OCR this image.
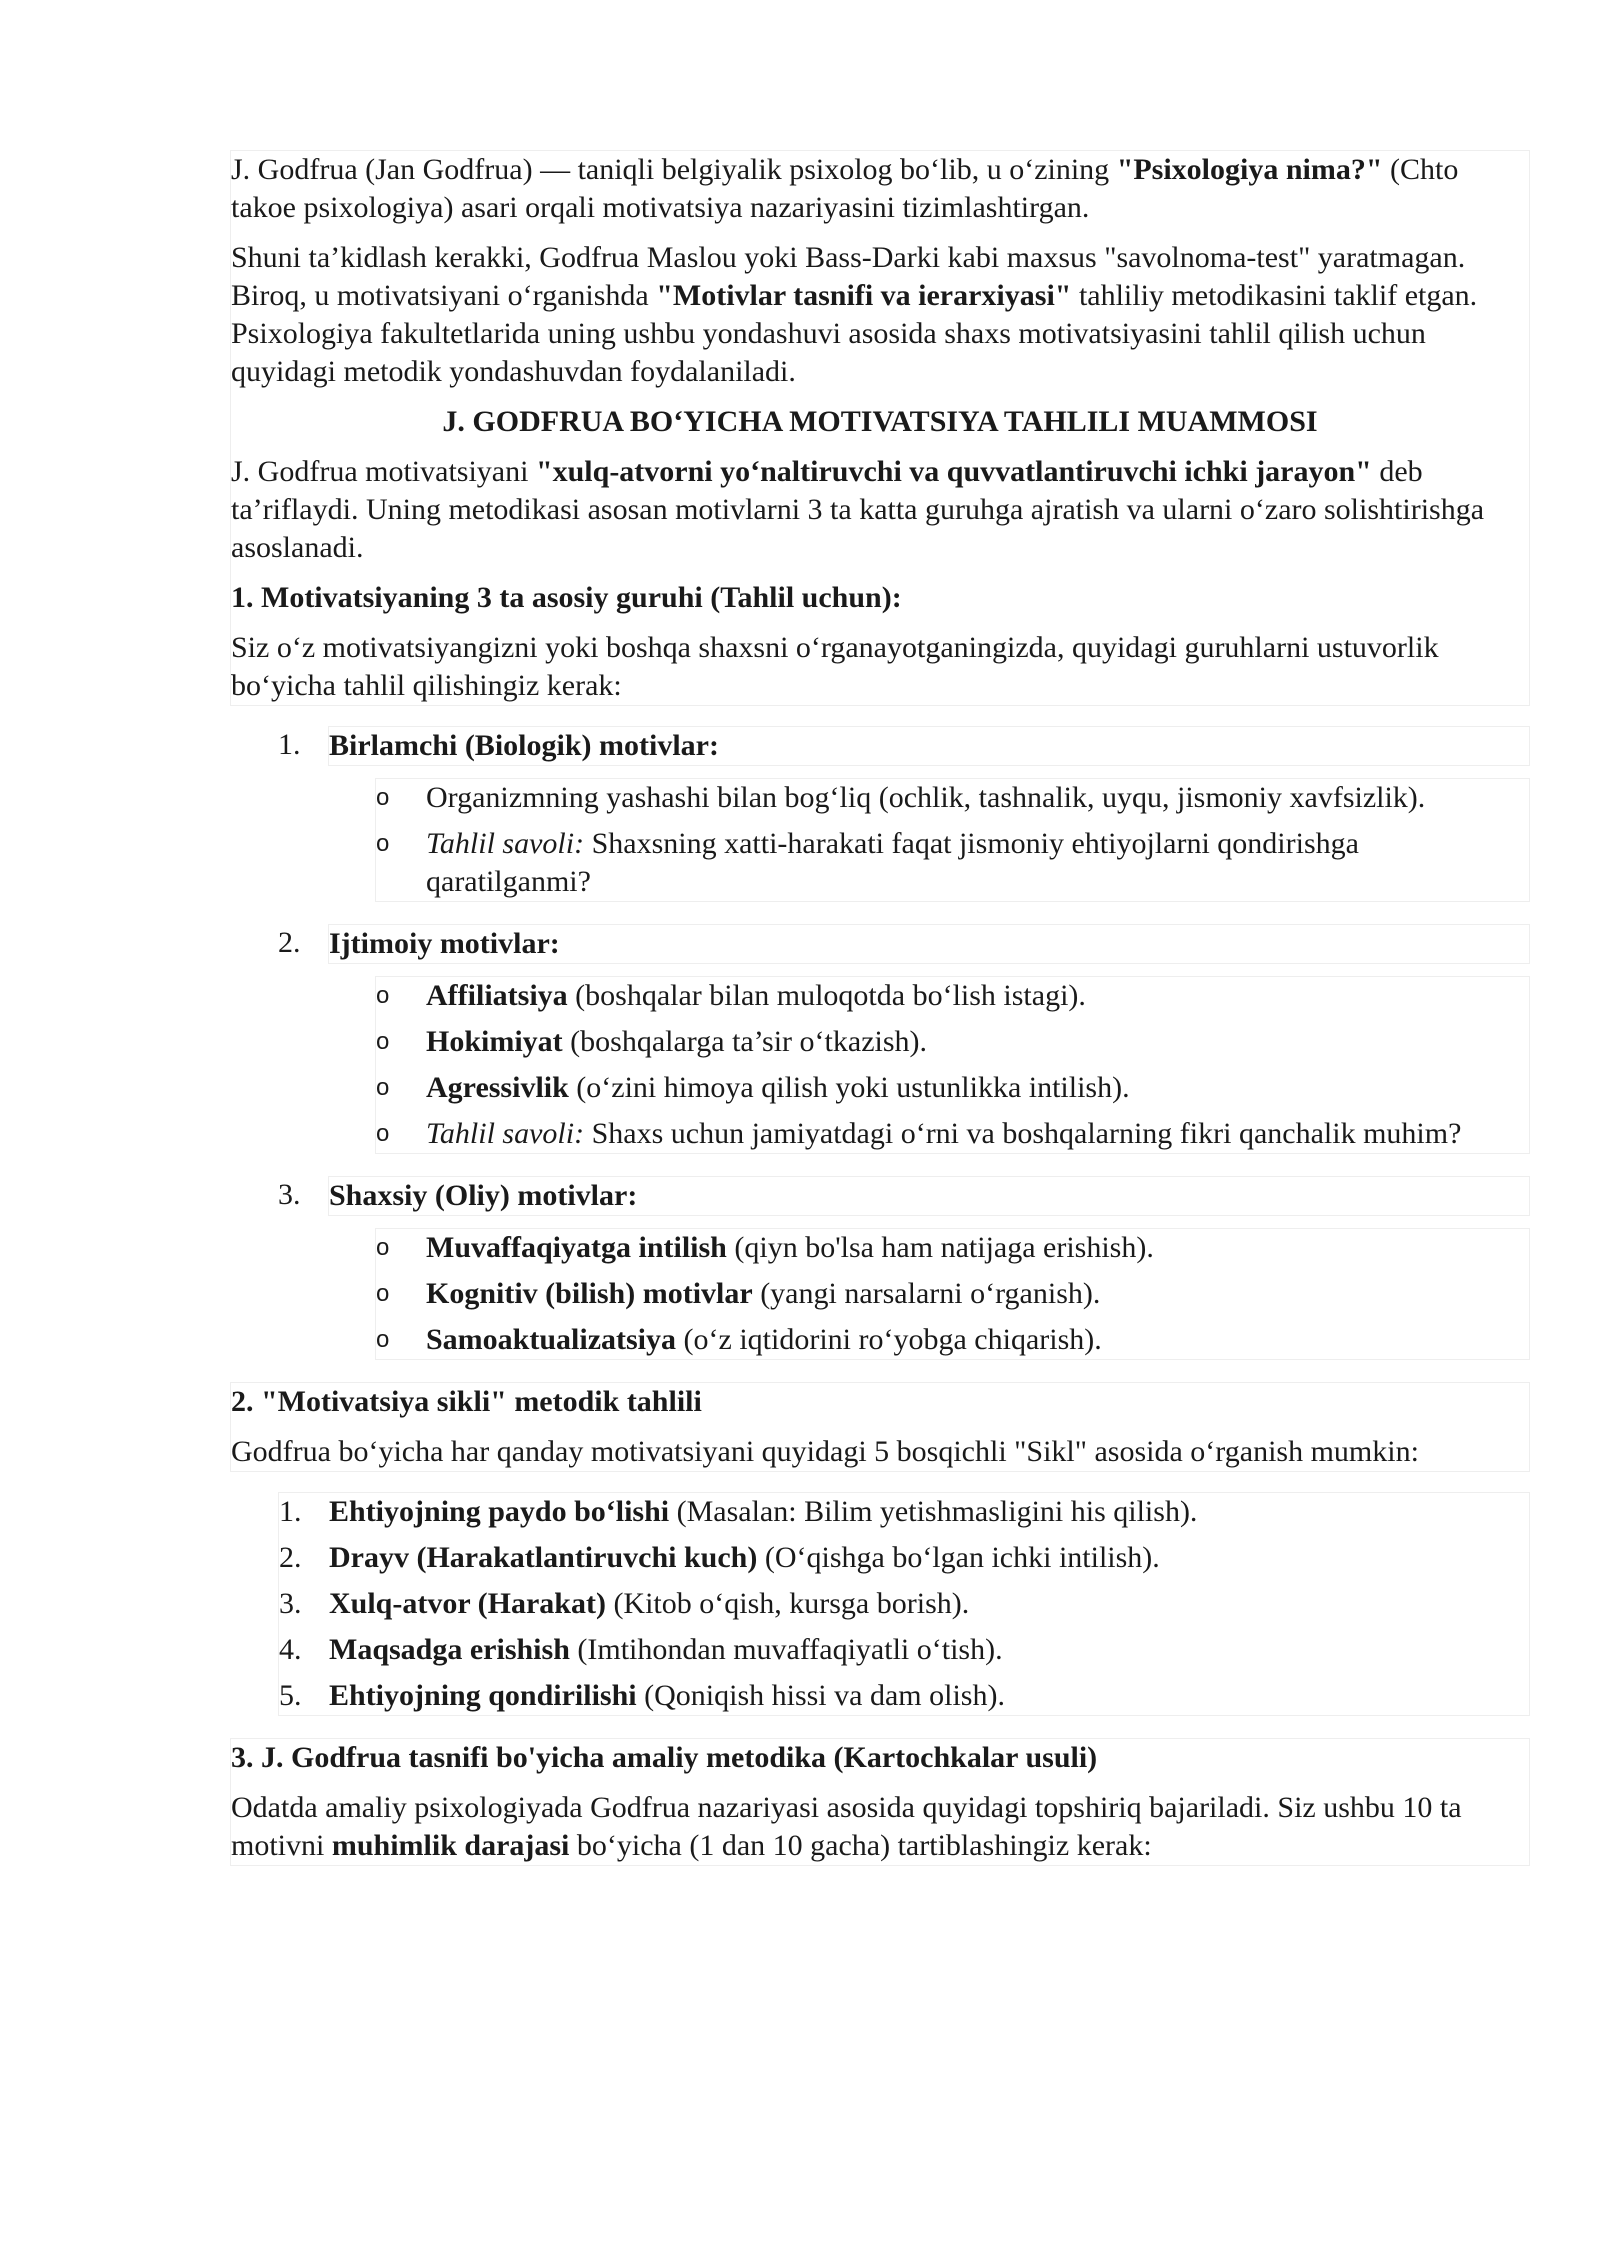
J. Godfrua (Jan Godfrua) — taniqli belgiyalik psixolog bo‘lib, u o‘zining "Psixologiya nima?" (Chto takoe psixologiya) asari orqali motivatsiya nazariyasini tizimlashtirgan.

Shuni ta’kidlash kerakki, Godfrua Maslou yoki Bass-Darki kabi maxsus "savolnoma-test" yaratmagan. Biroq, u motivatsiyani o‘rganishda "Motivlar tasnifi va ierarxiyasi" tahliliy metodikasini taklif etgan. Psixologiya fakultetlarida uning ushbu yondashuvi asosida shaxs motivatsiyasini tahlil qilish uchun quyidagi metodik yondashuvdan foydalaniladi.

J. GODFRUA BO‘YICHA MOTIVATSIYA TAHLILI MUAMMOSI

J. Godfrua motivatsiyani "xulq-atvorni yo‘naltiruvchi va quvvatlantiruvchi ichki jarayon" deb ta’riflaydi. Uning metodikasi asosan motivlarni 3 ta katta guruhga ajratish va ularni o‘zaro solishtirishga asoslanadi.

1. Motivatsiyaning 3 ta asosiy guruhi (Tahlil uchun):

Siz o‘z motivatsiyangizni yoki boshqa shaxsni o‘rganayotganingizda, quyidagi guruhlarni ustuvorlik bo‘yicha tahlil qilishingiz kerak:

1. Birlamchi (Biologik) motivlar:
o Organizmning yashashi bilan bog‘liq (ochlik, tashnalik, uyqu, jismoniy xavfsizlik).
o Tahlil savoli: Shaxsning xatti-harakati faqat jismoniy ehtiyojlarni qondirishga qaratilganmi?
2. Ijtimoiy motivlar:
o Affiliatsiya (boshqalar bilan muloqotda bo‘lish istagi).
o Hokimiyat (boshqalarga ta’sir o‘tkazish).
o Agressivlik (o‘zini himoya qilish yoki ustunlikka intilish).
o Tahlil savoli: Shaxs uchun jamiyatdagi o‘rni va boshqalarning fikri qanchalik muhim?
3. Shaxsiy (Oliy) motivlar:
o Muvaffaqiyatga intilish (qiyn bo'lsa ham natijaga erishish).
o Kognitiv (bilish) motivlar (yangi narsalarni o‘rganish).
o Samoaktualizatsiya (o‘z iqtidorini ro‘yobga chiqarish).

2. "Motivatsiya sikli" metodik tahlili

Godfrua bo‘yicha har qanday motivatsiyani quyidagi 5 bosqichli "Sikl" asosida o‘rganish mumkin:

1. Ehtiyojning paydo bo‘lishi (Masalan: Bilim yetishmasligini his qilish).
2. Drayv (Harakatlantiruvchi kuch) (O‘qishga bo‘lgan ichki intilish).
3. Xulq-atvor (Harakat) (Kitob o‘qish, kursga borish).
4. Maqsadga erishish (Imtihondan muvaffaqiyatli o‘tish).
5. Ehtiyojning qondirilishi (Qoniqish hissi va dam olish).

3. J. Godfrua tasnifi bo'yicha amaliy metodika (Kartochkalar usuli)

Odatda amaliy psixologiyada Godfrua nazariyasi asosida quyidagi topshiriq bajariladi. Siz ushbu 10 ta motivni muhimlik darajasi bo‘yicha (1 dan 10 gacha) tartiblashingiz kerak:
